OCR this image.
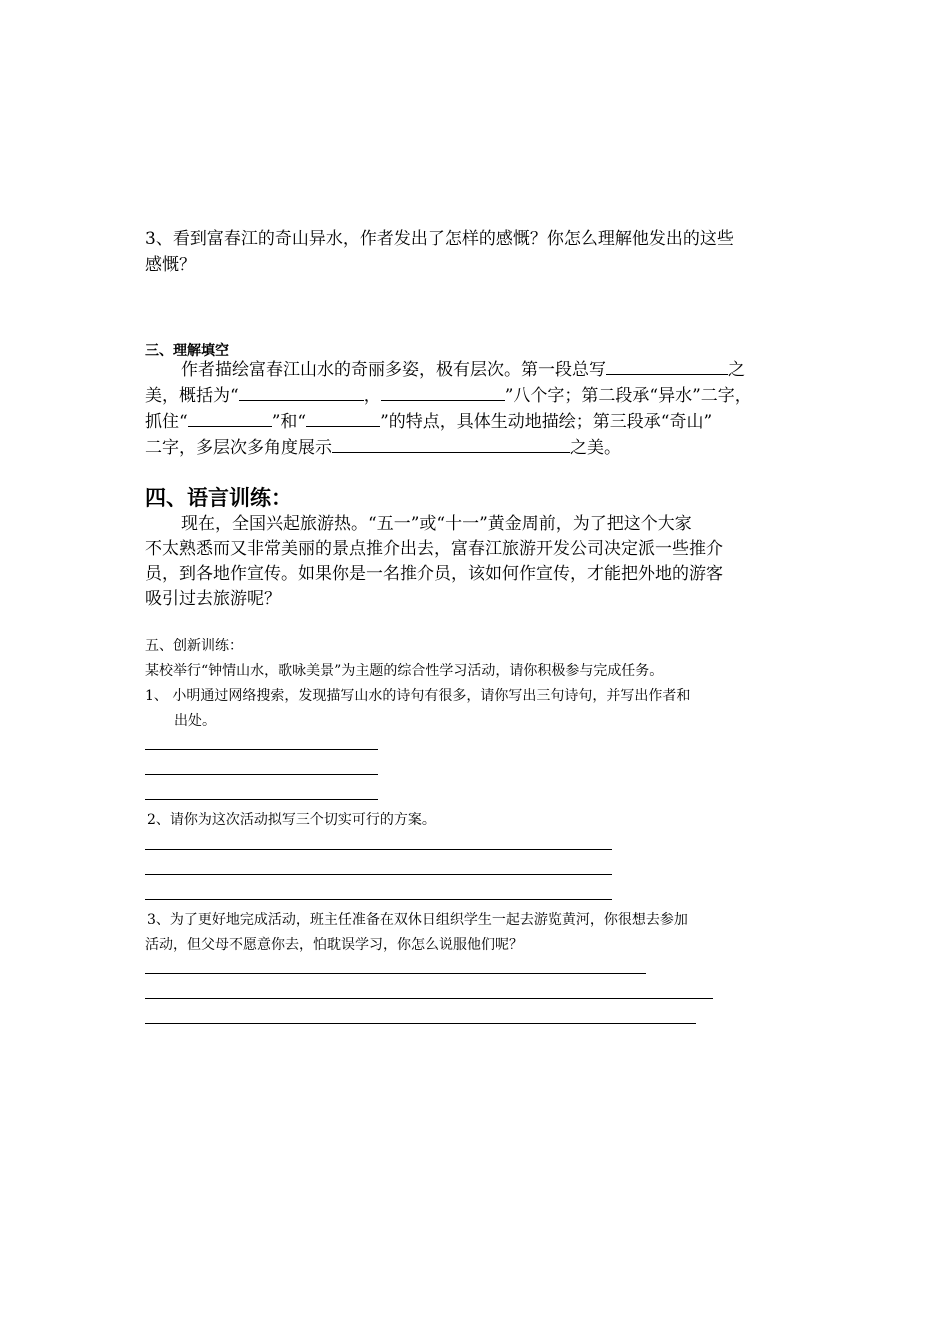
3、看到富春江的奇山异水，作者发出了怎样的感慨？你怎么理解他发出的这些
感慨？
三、理解填空
作者描绘富春江山水的奇丽多姿，极有层次。第一段总写	之
美，概括为“	，	”八个字；第二段承“异水”二字，
抓住“	”和“	”的特点，具体生动地描绘；第三段承“奇山”
二字，多层次多角度展示	之美。
四、语言训练：
现在，全国兴起旅游热。“五一”或“十一”黄金周前，为了把这个大家
不太熟悉而又非常美丽的景点推介出去，富春江旅游开发公司决定派一些推介
员，到各地作宣传。如果你是一名推介员，该如何作宣传，才能把外地的游客
吸引过去旅游呢？
五、创新训练：
某校举行“钟情山水，歌咏美景”为主题的综合性学习活动，请你积极参与完成任务。
1、 小明通过网络搜索，发现描写山水的诗句有很多，请你写出三句诗句，并写出作者和
出处。
2、请你为这次活动拟写三个切实可行的方案。
3、为了更好地完成活动，班主任准备在双休日组织学生一起去游览黄河，你很想去参加
活动，但父母不愿意你去，怕耽误学习，你怎么说服他们呢？
